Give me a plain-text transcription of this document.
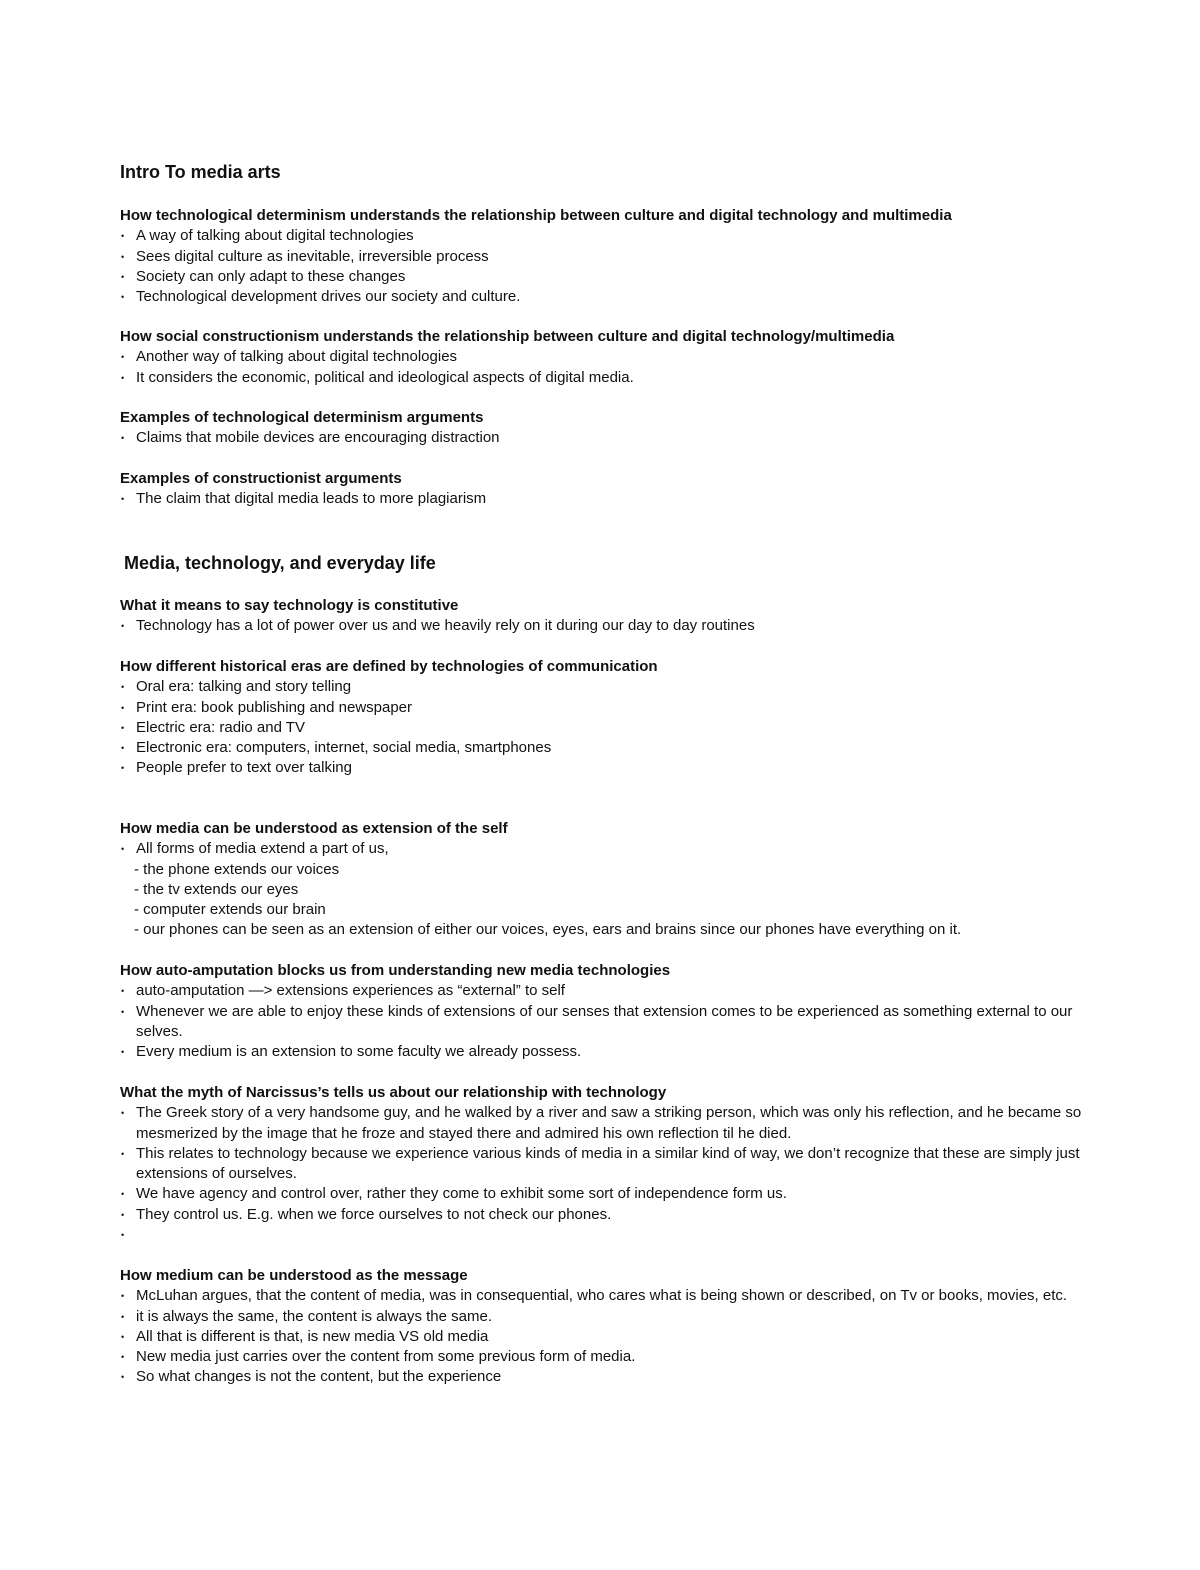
Intro To media arts
How technological determinism understands the relationship between culture and digital technology and multimedia
• A way of talking about digital technologies
• Sees digital culture as inevitable, irreversible process
• Society can only adapt to these changes
• Technological development drives our society and culture.
How social constructionism understands the relationship between culture and digital technology/multimedia
• Another way of talking about digital technologies
• It considers the economic, political and ideological aspects of digital media.
Examples of technological determinism arguments
• Claims that mobile devices are encouraging distraction
Examples of constructionist arguments
• The claim that digital media leads to more plagiarism
Media, technology, and everyday life
What it means to say technology is constitutive
• Technology has a lot of power over us and we heavily rely on it during our day to day routines
How different historical eras are defined by technologies of communication
• Oral era: talking and story telling
• Print era: book publishing and newspaper
• Electric era: radio and TV
• Electronic era: computers, internet, social media, smartphones
• People prefer to text over talking
How media can be understood as extension of the self
• All forms of media extend a part of us,
- the phone extends our voices
- the tv extends our eyes
- computer extends our brain
- our phones can be seen as an extension of either our voices, eyes, ears and brains since our phones have everything on it.
How auto-amputation blocks us from understanding new media technologies
• auto-amputation —> extensions experiences as “external” to self
• Whenever we are able to enjoy these kinds of extensions of our senses that extension comes to be experienced as something external to our selves.
• Every medium is an extension to some faculty we already possess.
What the myth of Narcissus’s tells us about our relationship with technology
• The Greek story of a very handsome guy, and he walked by a river and saw a striking person, which was only his reflection, and he became so mesmerized by the image that he froze and stayed there and admired his own reflection til he died.
• This relates to technology because we experience various kinds of media in a similar kind of way, we don’t recognize that these are simply just extensions of ourselves.
• We have agency and control over, rather they come to exhibit some sort of independence form us.
• They control us. E.g. when we force ourselves to not check our phones.
•
How medium can be understood as the message
• McLuhan argues, that the content of media, was in consequential, who cares what is being shown or described, on Tv or books, movies, etc.
• it is always the same, the content is always the same.
• All that is different is that, is new media VS old media
• New media just carries over the content from some previous form of media.
• So what changes is not the content, but the experience
